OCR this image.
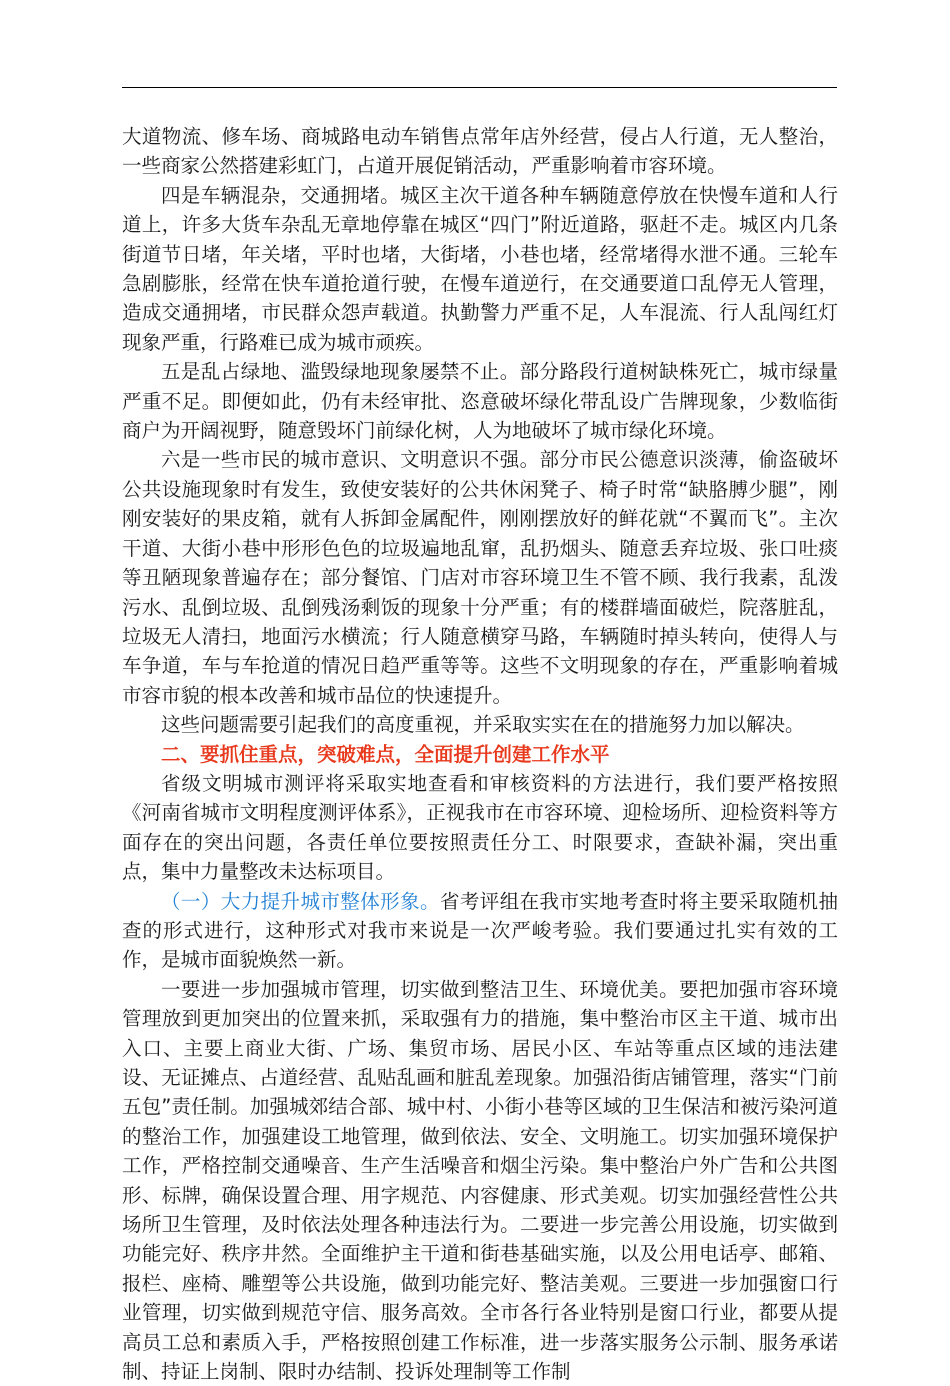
大道物流、修车场、商城路电动车销售点常年店外经营，侵占人行道，无人整治，一些商家公然搭建彩虹门，占道开展促销活动，严重影响着市容环境。

四是车辆混杂，交通拥堵。城区主次干道各种车辆随意停放在快慢车道和人行道上，许多大货车杂乱无章地停靠在城区“四门”附近道路，驱赶不走。城区内几条街道节日堵，年关堵，平时也堵，大街堵，小巷也堵，经常堵得水泄不通。三轮车急剧膨胀，经常在快车道抢道行驶，在慢车道逆行，在交通要道口乱停无人管理，造成交通拥堵，市民群众怨声载道。执勤警力严重不足，人车混流、行人乱闯红灯现象严重，行路难已成为城市顽疾。

五是乱占绿地、滥毁绿地现象屡禁不止。部分路段行道树缺株死亡，城市绿量严重不足。即便如此，仍有未经审批、恣意破坏绿化带乱设广告牌现象，少数临街商户为开阔视野，随意毁坏门前绿化树，人为地破坏了城市绿化环境。

六是一些市民的城市意识、文明意识不强。部分市民公德意识淡薄，偷盗破坏公共设施现象时有发生，致使安装好的公共休闲凳子、椅子时常“缺胳膊少腿”，刚刚安装好的果皮箱，就有人拆卸金属配件，刚刚摆放好的鲜花就“不翼而飞”。主次干道、大街小巷中形形色色的垃圾遍地乱窜，乱扔烟头、随意丢弃垃圾、张口吐痰等丑陋现象普遍存在；部分餐馆、门店对市容环境卫生不管不顾、我行我素，乱泼污水、乱倒垃圾、乱倒残汤剩饭的现象十分严重；有的楼群墙面破烂，院落脏乱，垃圾无人清扫，地面污水横流；行人随意横穿马路，车辆随时掉头转向，使得人与车争道，车与车抢道的情况日趋严重等等。这些不文明现象的存在，严重影响着城市容市貌的根本改善和城市品位的快速提升。

这些问题需要引起我们的高度重视，并采取实实在在的措施努力加以解决。

二、要抓住重点，突破难点，全面提升创建工作水平

省级文明城市测评将采取实地查看和审核资料的方法进行，我们要严格按照《河南省城市文明程度测评体系》，正视我市在市容环境、迎检场所、迎检资料等方面存在的突出问题，各责任单位要按照责任分工、时限要求，查缺补漏，突出重点，集中力量整改未达标项目。

（一）大力提升城市整体形象。省考评组在我市实地考查时将主要采取随机抽查的形式进行，这种形式对我市来说是一次严峻考验。我们要通过扎实有效的工作，是城市面貌焕然一新。

一要进一步加强城市管理，切实做到整洁卫生、环境优美。要把加强市容环境管理放到更加突出的位置来抓，采取强有力的措施，集中整治市区主干道、城市出入口、主要上商业大街、广场、集贸市场、居民小区、车站等重点区域的违法建设、无证摊点、占道经营、乱贴乱画和脏乱差现象。加强沿街店铺管理，落实“门前五包”责任制。加强城郊结合部、城中村、小街小巷等区域的卫生保洁和被污染河道的整治工作，加强建设工地管理，做到依法、安全、文明施工。切实加强环境保护工作，严格控制交通噪音、生产生活噪音和烟尘污染。集中整治户外广告和公共图形、标牌，确保设置合理、用字规范、内容健康、形式美观。切实加强经营性公共场所卫生管理，及时依法处理各种违法行为。二要进一步完善公用设施，切实做到功能完好、秩序井然。全面维护主干道和街巷基础实施，以及公用电话亭、邮箱、报栏、座椅、雕塑等公共设施，做到功能完好、整洁美观。三要进一步加强窗口行业管理，切实做到规范守信、服务高效。全市各行各业特别是窗口行业，都要从提高员工总和素质入手，严格按照创建工作标准，进一步落实服务公示制、服务承诺制、持证上岗制、限时办结制、投诉处理制等工作制
